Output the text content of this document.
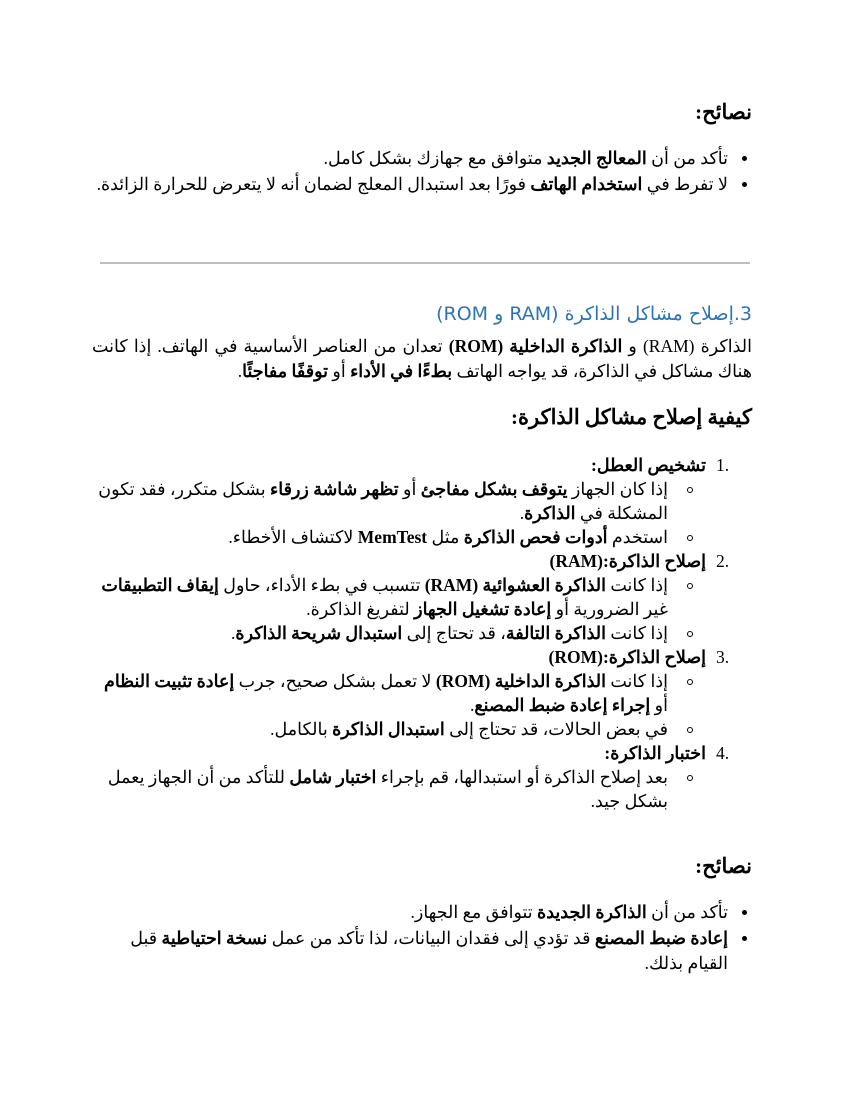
نصائح:
تأكد من أن المعالج الجديد متوافق مع جهازك بشكل كامل.
لا تفرط في استخدام الهاتف فورًا بعد استبدال المعلج لضمان أنه لا يتعرض للحرارة الزائدة.
3.إصلاح مشاكل الذاكرة (RAM و ROM)

الذاكرة (RAM) و الذاكرة الداخلية (ROM) تعدان من العناصر الأساسية في الهاتف. إذا كانت هناك مشاكل في الذاكرة، قد يواجه الهاتف بطءًا في الأداء أو توقفًا مفاجئًا.

كيفية إصلاح مشاكل الذاكرة:
1.
تشخيص العطل:
إذا كان الجهاز يتوقف بشكل مفاجئ أو تظهر شاشة زرقاء بشكل متكرر، فقد تكون المشكلة في الذاكرة.
استخدم أدوات فحص الذاكرة مثل MemTest لاكتشاف الأخطاء.
2.
إصلاح الذاكرة:(RAM)
إذا كانت الذاكرة العشوائية (RAM) تتسبب في بطء الأداء، حاول إيقاف التطبيقات غير الضرورية أو إعادة تشغيل الجهاز لتفريغ الذاكرة.
إذا كانت الذاكرة التالفة، قد تحتاج إلى استبدال شريحة الذاكرة.
3.
إصلاح الذاكرة:(ROM)
إذا كانت الذاكرة الداخلية (ROM) لا تعمل بشكل صحيح، جرب إعادة تثبيت النظام أو إجراء إعادة ضبط المصنع.
في بعض الحالات، قد تحتاج إلى استبدال الذاكرة بالكامل.
4.
اختبار الذاكرة:
بعد إصلاح الذاكرة أو استبدالها، قم بإجراء اختبار شامل للتأكد من أن الجهاز يعمل بشكل جيد.
نصائح:
تأكد من أن الذاكرة الجديدة تتوافق مع الجهاز.
إعادة ضبط المصنع قد تؤدي إلى فقدان البيانات، لذا تأكد من عمل نسخة احتياطية قبل القيام بذلك.
